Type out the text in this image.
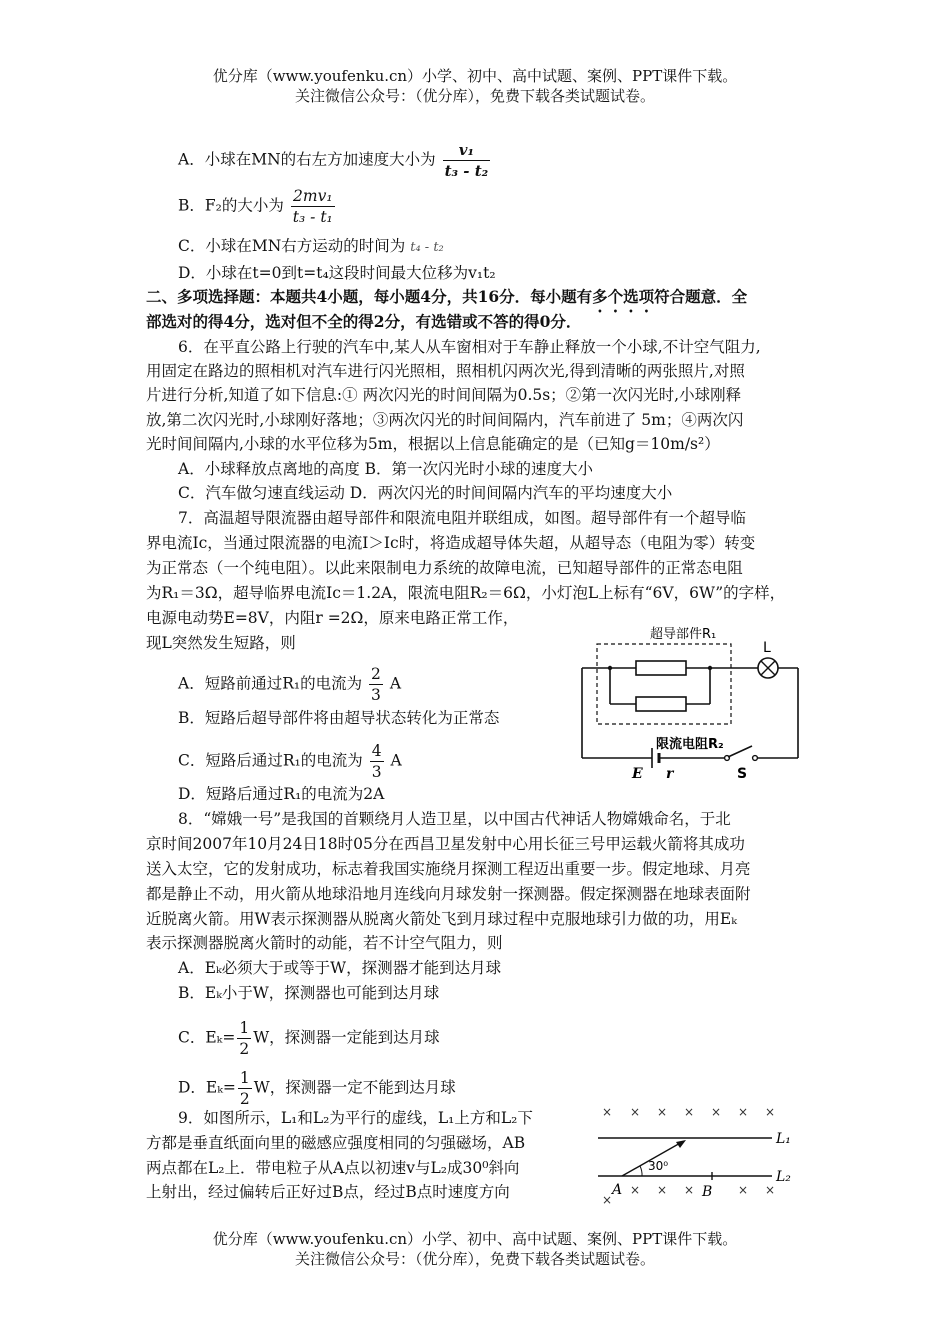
优分库（www.youfenku.cn）小学、初中、高中试题、案例、PPT课件下载。
关注微信公众号：（优分库），免费下载各类试题试卷。
A．小球在MN的右左方加速度大小为 $\frac{\text{v₁}}{\text{t₃ - t₂}}$
B．F₂的大小为 $\frac{\text{2mv₁}}{\text{t₃ - t₁}}$
C．小球在MN右方运动的时间为 t₄ - t₂
D．小球在t=0到t=t₄这段时间最大位移为v₁t₂
二、多项选择题：本题共4小题，每小题4分，共16分．每小题有多个选项符合题意．全
部选对的得4分，选对但不全的得2分，有选错或不答的得0分．
6．在平直公路上行驶的汽车中,某人从车窗相对于车静止释放一个小球,不计空气阻力,
用固定在路边的照相机对汽车进行闪光照相，照相机闪两次光,得到清晰的两张照片,对照
片进行分析,知道了如下信息:① 两次闪光的时间间隔为0.5s；②第一次闪光时,小球刚释
放,第二次闪光时,小球刚好落地；③两次闪光的时间间隔内，汽车前进了 5m；④两次闪
光时间间隔内,小球的水平位移为5m，根据以上信息能确定的是（已知g＝10m/s²）
A．小球释放点离地的高度 B．第一次闪光时小球的速度大小
C．汽车做匀速直线运动 D．两次闪光的时间间隔内汽车的平均速度大小
7．高温超导限流器由超导部件和限流电阻并联组成，如图。超导部件有一个超导临
界电流Ic，当通过限流器的电流I＞Ic时，将造成超导体失超，从超导态（电阻为零）转变
为正常态（一个纯电阻）。以此来限制电力系统的故障电流，已知超导部件的正常态电阻
为R₁＝3Ω，超导临界电流Ic＝1.2A，限流电阻R₂＝6Ω，小灯泡L上标有“6V，6W”的字样，
电源电动势E=8V，内阻r =2Ω，原来电路正常工作，
现L突然发生短路，则
A．短路前通过R₁的电流为 $\frac{2}{3}$ A
B．短路后超导部件将由超导状态转化为正常态
C．短路后通过R₁的电流为 $\frac{4}{3}$ A
D．短路后通过R₁的电流为2A
超导部件R₁
L
限流电阻R₂
E r	S
8．“嫦娥一号”是我国的首颗绕月人造卫星，以中国古代神话人物嫦娥命名，于北
京时间2007年10月24日18时05分在西昌卫星发射中心用长征三号甲运载火箭将其成功
送入太空，它的发射成功，标志着我国实施绕月探测工程迈出重要一步。假定地球、月亮
都是静止不动，用火箭从地球沿地月连线向月球发射一探测器。假定探测器在地球表面附
近脱离火箭。用W表示探测器从脱离火箭处飞到月球过程中克服地球引力做的功，用Eₖ
表示探测器脱离火箭时的动能，若不计空气阻力，则
A．Eₖ必须大于或等于W，探测器才能到达月球
B．Eₖ小于W，探测器也可能到达月球
C．$E_k= \frac{1}{2}$ W，探测器一定能到达月球
D．$E_k= \frac{1}{2}$ W，探测器一定不能到达月球
9．如图所示，L₁和L₂为平行的虚线，L₁上方和L₂下
方都是垂直纸面向里的磁感应强度相同的匀强磁场，AB
两点都在L₂上．带电粒子从A点以初速v与L₂成30⁰斜向
上射出，经过偏转后正好过B点，经过B点时速度方向
× × × × × × ×
L₁
L₂
30⁰
A	B
×
× × ×	× ×
优分库（www.youfenku.cn）小学、初中、高中试题、案例、PPT课件下载。
关注微信公众号：（优分库），免费下载各类试题试卷。
